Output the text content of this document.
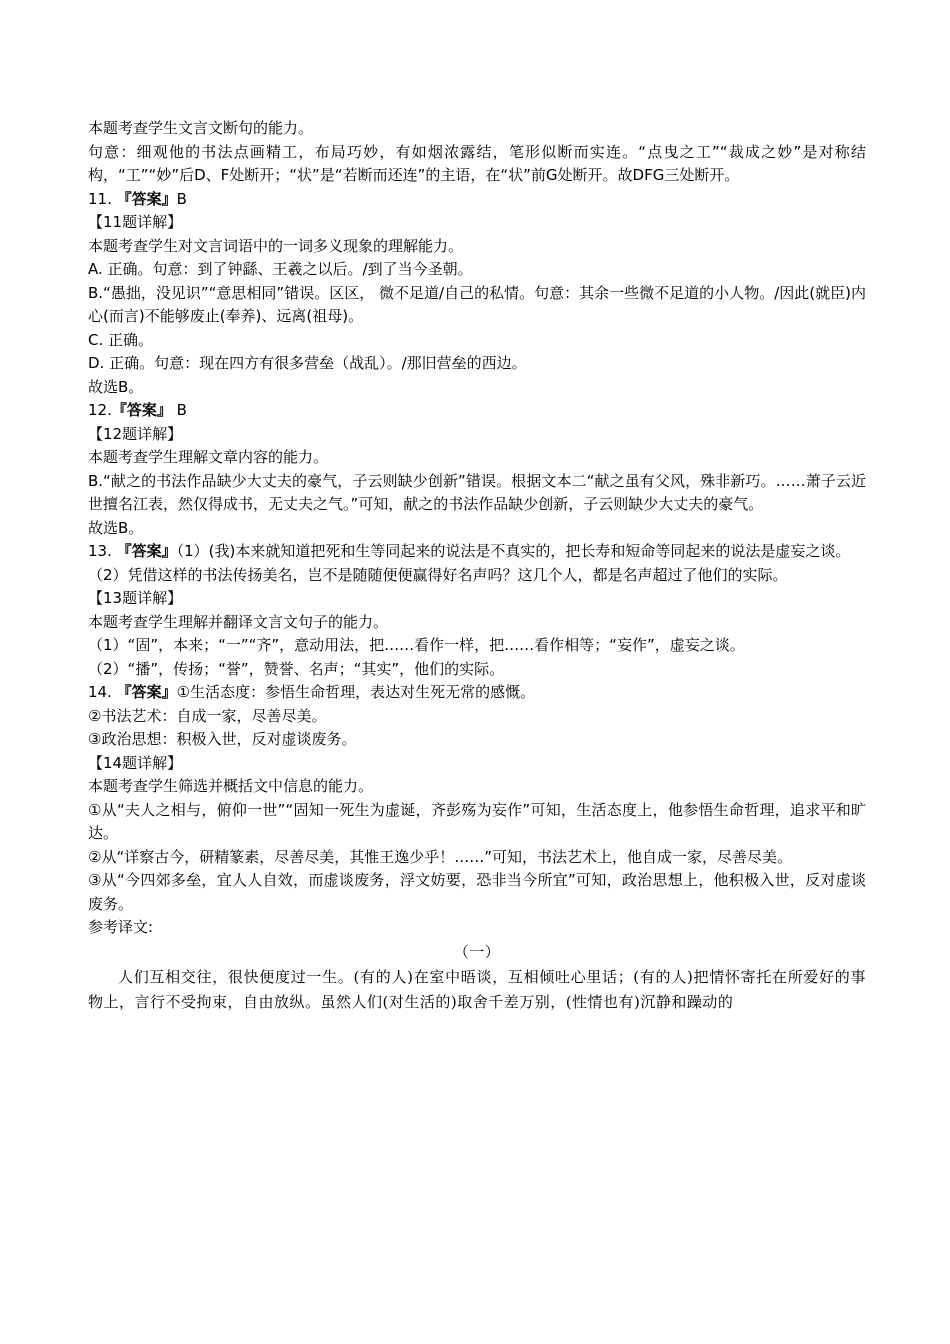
本题考查学生文言文断句的能力。

句意：细观他的书法点画精工，布局巧妙，有如烟浓露结，笔形似断而实连。“点曳之工”“裁成之妙”是对称结构，“工”“妙”后D、F处断开；“状”是“若断而还连”的主语，在“状”前G处断开。故DFG三处断开。

11. 『答案』B

【11题详解】

本题考查学生对文言词语中的一词多义现象的理解能力。

A. 正确。句意：到了钟繇、王羲之以后。/到了当今圣朝。

B.“愚拙，没见识”“意思相同”错误。区区， 微不足道/自己的私情。句意：其余一些微不足道的小人物。/因此(就臣)内心(而言)不能够废止(奉养)、远离(祖母)。

C. 正确。

D. 正确。句意：现在四方有很多营垒（战乱）。/那旧营垒的西边。

故选B。

12.『答案』 B

【12题详解】

本题考查学生理解文章内容的能力。

B.“献之的书法作品缺少大丈夫的豪气，子云则缺少创新”错误。根据文本二“献之虽有父风，殊非新巧。……萧子云近世擅名江表，然仅得成书，无丈夫之气。”可知，献之的书法作品缺少创新，子云则缺少大丈夫的豪气。

故选B。

13. 『答案』（1）(我)本来就知道把死和生等同起来的说法是不真实的，把长寿和短命等同起来的说法是虚妄之谈。

（2）凭借这样的书法传扬美名，岂不是随随便便赢得好名声吗？这几个人，都是名声超过了他们的实际。

【13题详解】

本题考查学生理解并翻译文言文句子的能力。

（1）“固”，本来；“一”“齐”，意动用法，把……看作一样，把……看作相等；“妄作”，虚妄之谈。

（2）“播”，传扬；“誉”，赞誉、名声；“其实”，他们的实际。

14. 『答案』①生活态度：参悟生命哲理，表达对生死无常的感慨。

②书法艺术：自成一家，尽善尽美。

③政治思想：积极入世，反对虚谈废务。

【14题详解】

本题考查学生筛选并概括文中信息的能力。

①从“夫人之相与，俯仰一世”“固知一死生为虚诞，齐彭殇为妄作”可知，生活态度上，他参悟生命哲理，追求平和旷达。

②从“详察古今，研精篆素，尽善尽美，其惟王逸少乎！……”可知，书法艺术上，他自成一家，尽善尽美。

③从“今四郊多垒，宜人人自效，而虚谈废务，浮文妨要，恐非当今所宜”可知，政治思想上，他积极入世，反对虚谈废务。

参考译文:

（一）

人们互相交往，很快便度过一生。(有的人)在室中晤谈，互相倾吐心里话；(有的人)把情怀寄托在所爱好的事物上，言行不受拘束，自由放纵。虽然人们(对生活的)取舍千差万别，(性情也有)沉静和躁动的
